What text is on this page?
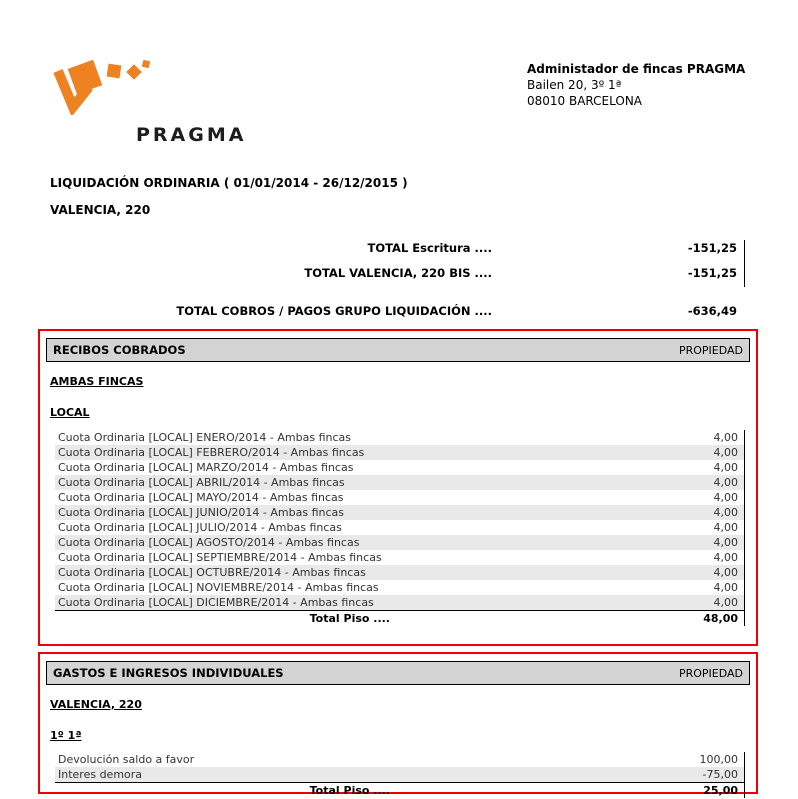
PRAGMA
Administador de fincas PRAGMA
Bailen 20, 3º 1ª
08010 BARCELONA
LIQUIDACIÓN ORDINARIA ( 01/01/2014 - 26/12/2015 )
VALENCIA, 220
TOTAL Escritura ....	-151,25
TOTAL VALENCIA, 220 BIS ....	-151,25
TOTAL COBROS / PAGOS GRUPO LIQUIDACIÓN ....	-636,49
RECIBOS COBRADOS	PROPIEDAD
AMBAS FINCAS
LOCAL
Cuota Ordinaria [LOCAL] ENERO/2014 - Ambas fincas	4,00
Cuota Ordinaria [LOCAL] FEBRERO/2014 - Ambas fincas	4,00
Cuota Ordinaria [LOCAL] MARZO/2014 - Ambas fincas	4,00
Cuota Ordinaria [LOCAL] ABRIL/2014 - Ambas fincas	4,00
Cuota Ordinaria [LOCAL] MAYO/2014 - Ambas fincas	4,00
Cuota Ordinaria [LOCAL] JUNIO/2014 - Ambas fincas	4,00
Cuota Ordinaria [LOCAL] JULIO/2014 - Ambas fincas	4,00
Cuota Ordinaria [LOCAL] AGOSTO/2014 - Ambas fincas	4,00
Cuota Ordinaria [LOCAL] SEPTIEMBRE/2014 - Ambas fincas	4,00
Cuota Ordinaria [LOCAL] OCTUBRE/2014 - Ambas fincas	4,00
Cuota Ordinaria [LOCAL] NOVIEMBRE/2014 - Ambas fincas	4,00
Cuota Ordinaria [LOCAL] DICIEMBRE/2014 - Ambas fincas	4,00
Total Piso ....	48,00
GASTOS E INGRESOS INDIVIDUALES	PROPIEDAD
VALENCIA, 220
1º 1ª
Devolución saldo a favor	100,00
Interes demora	-75,00
Total Piso ....	25,00
